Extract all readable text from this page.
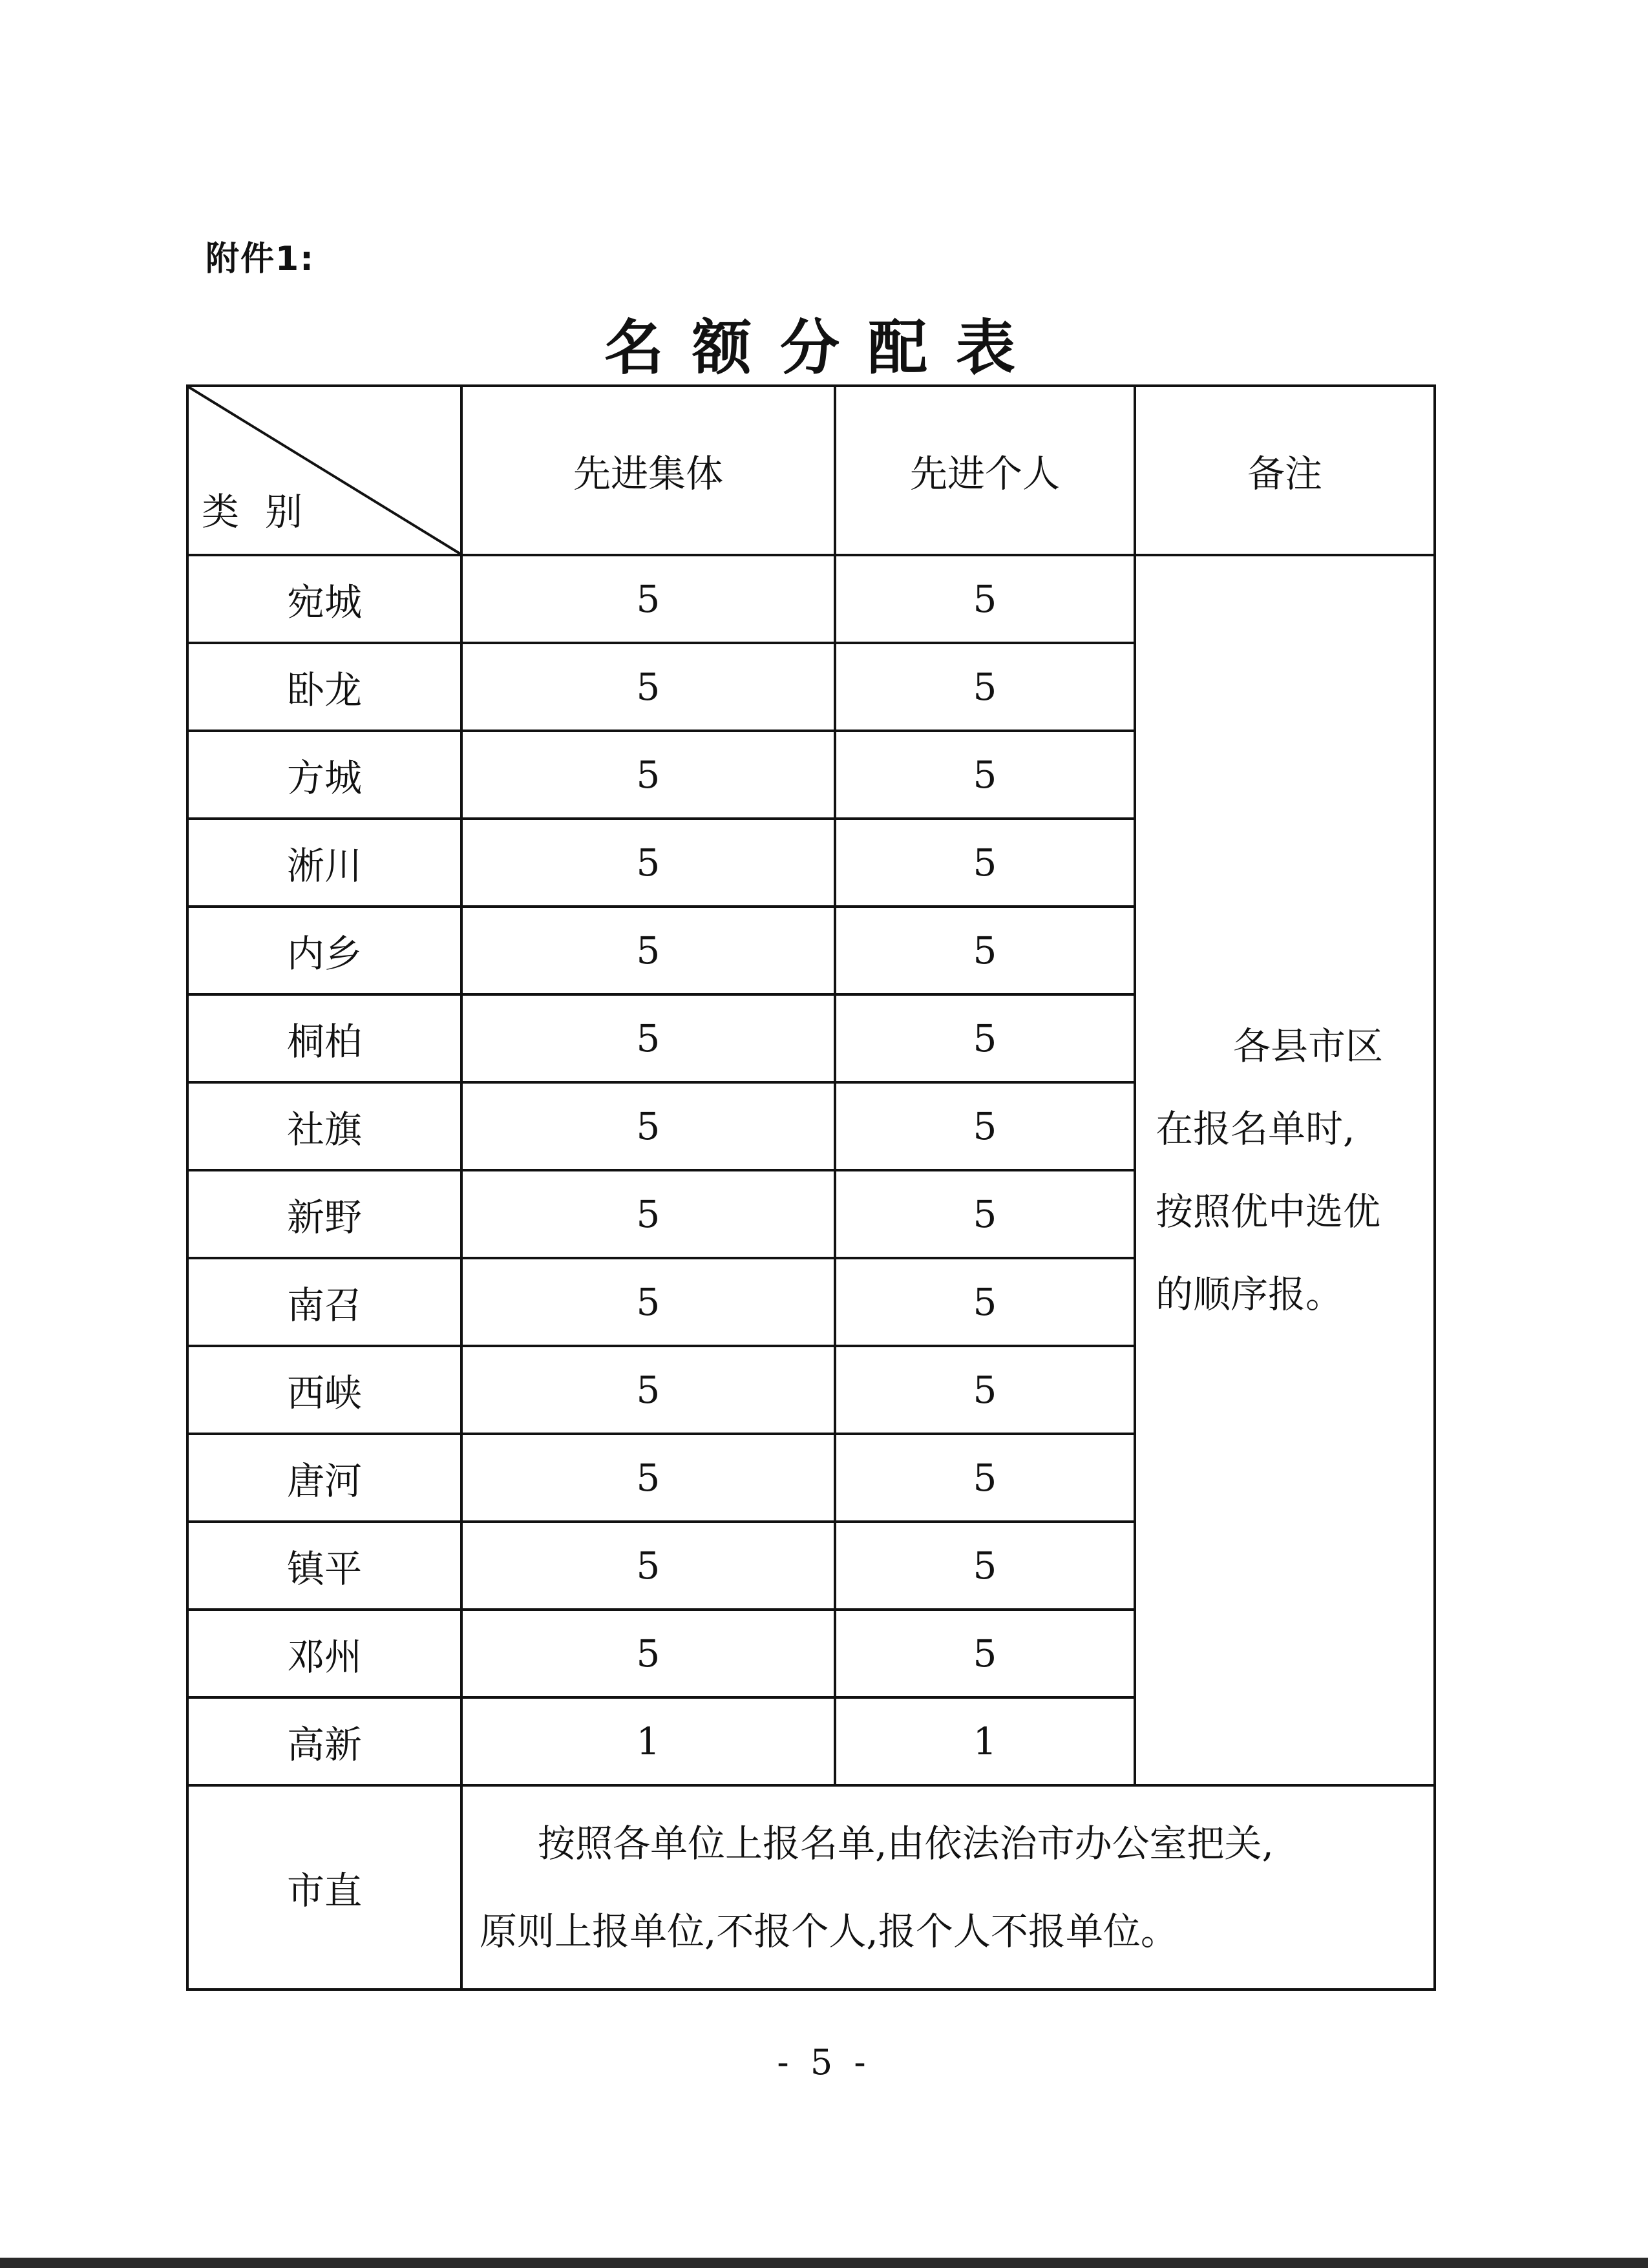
附件1:
名额分配表
类别	先进集体	先进个人	备注
宛城	5	5	各县市区
在报名单时,
按照优中选优
的顺序报。

卧龙	5	5	
方城	5	5	
淅川	5	5	
内乡	5	5	
桐柏	5	5	
社旗	5	5	
新野	5	5	
南召	5	5	
西峡	5	5	
唐河	5	5	
镇平	5	5	
邓州	5	5	
高新	1	1	
市直	按照各单位上报名单,由依法治市办公室把关,
原则上报单位,不报个人,报个人不报单位。		
- 5 -
